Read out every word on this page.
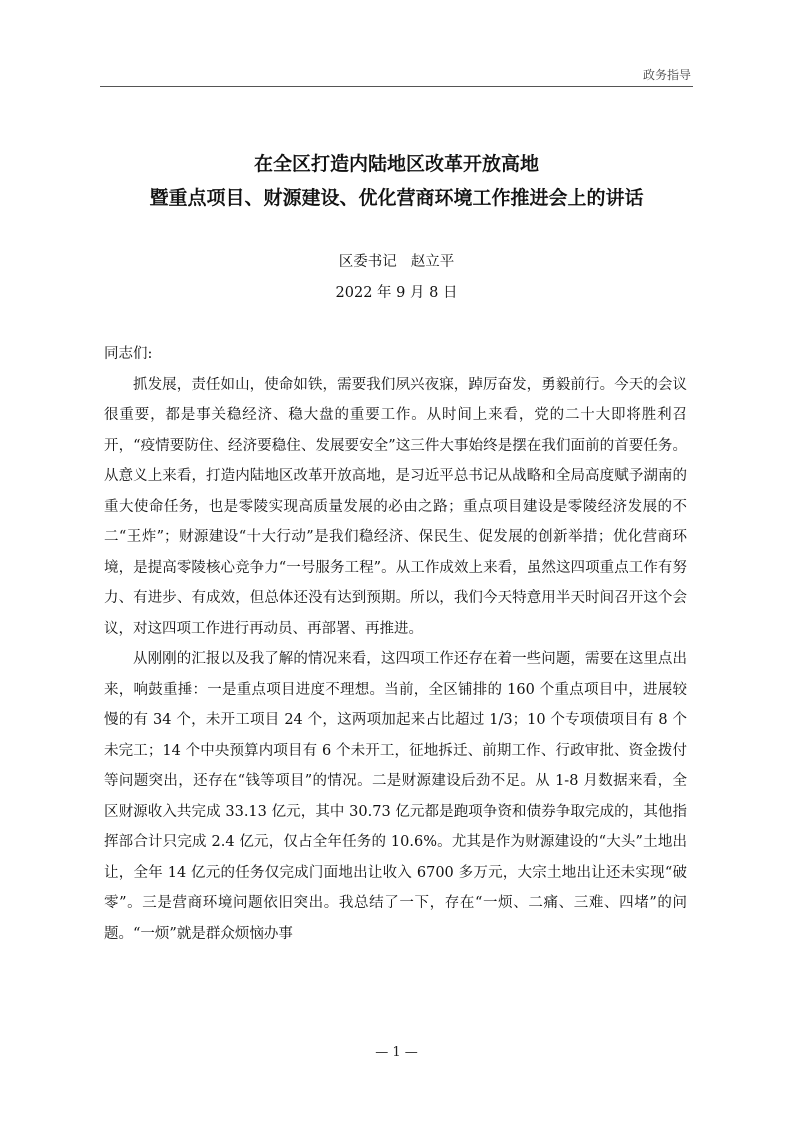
政务指导
在全区打造内陆地区改革开放高地
暨重点项目、财源建设、优化营商环境工作推进会上的讲话
区委书记 赵立平
2022 年 9 月 8 日

同志们:

抓发展，责任如山，使命如铁，需要我们夙兴夜寐，踔厉奋发，勇毅前行。今天的会议很重要，都是事关稳经济、稳大盘的重要工作。从时间上来看，党的二十大即将胜利召开，“疫情要防住、经济要稳住、发展要安全”这三件大事始终是摆在我们面前的首要任务。从意义上来看，打造内陆地区改革开放高地，是习近平总书记从战略和全局高度赋予湖南的重大使命任务，也是零陵实现高质量发展的必由之路；重点项目建设是零陵经济发展的不二“王炸”；财源建设“十大行动”是我们稳经济、保民生、促发展的创新举措；优化营商环境，是提高零陵核心竞争力“一号服务工程”。从工作成效上来看，虽然这四项重点工作有努力、有进步、有成效，但总体还没有达到预期。所以，我们今天特意用半天时间召开这个会议，对这四项工作进行再动员、再部署、再推进。

从刚刚的汇报以及我了解的情况来看，这四项工作还存在着一些问题，需要在这里点出来，响鼓重捶：一是重点项目进度不理想。当前，全区铺排的 160 个重点项目中，进展较慢的有 34 个，未开工项目 24 个，这两项加起来占比超过 1/3；10 个专项债项目有 8 个未完工；14 个中央预算内项目有 6 个未开工，征地拆迁、前期工作、行政审批、资金拨付等问题突出，还存在“钱等项目”的情况。二是财源建设后劲不足。从 1-8 月数据来看，全区财源收入共完成 33.13 亿元，其中 30.73 亿元都是跑项争资和债券争取完成的，其他指挥部合计只完成 2.4 亿元，仅占全年任务的 10.6%。尤其是作为财源建设的“大头”土地出让，全年 14 亿元的任务仅完成门面地出让收入 6700 多万元，大宗土地出让还未实现“破零”。三是营商环境问题依旧突出。我总结了一下，存在“一烦、二痛、三难、四堵”的问题。“一烦”就是群众烦恼办事

— 1 —
